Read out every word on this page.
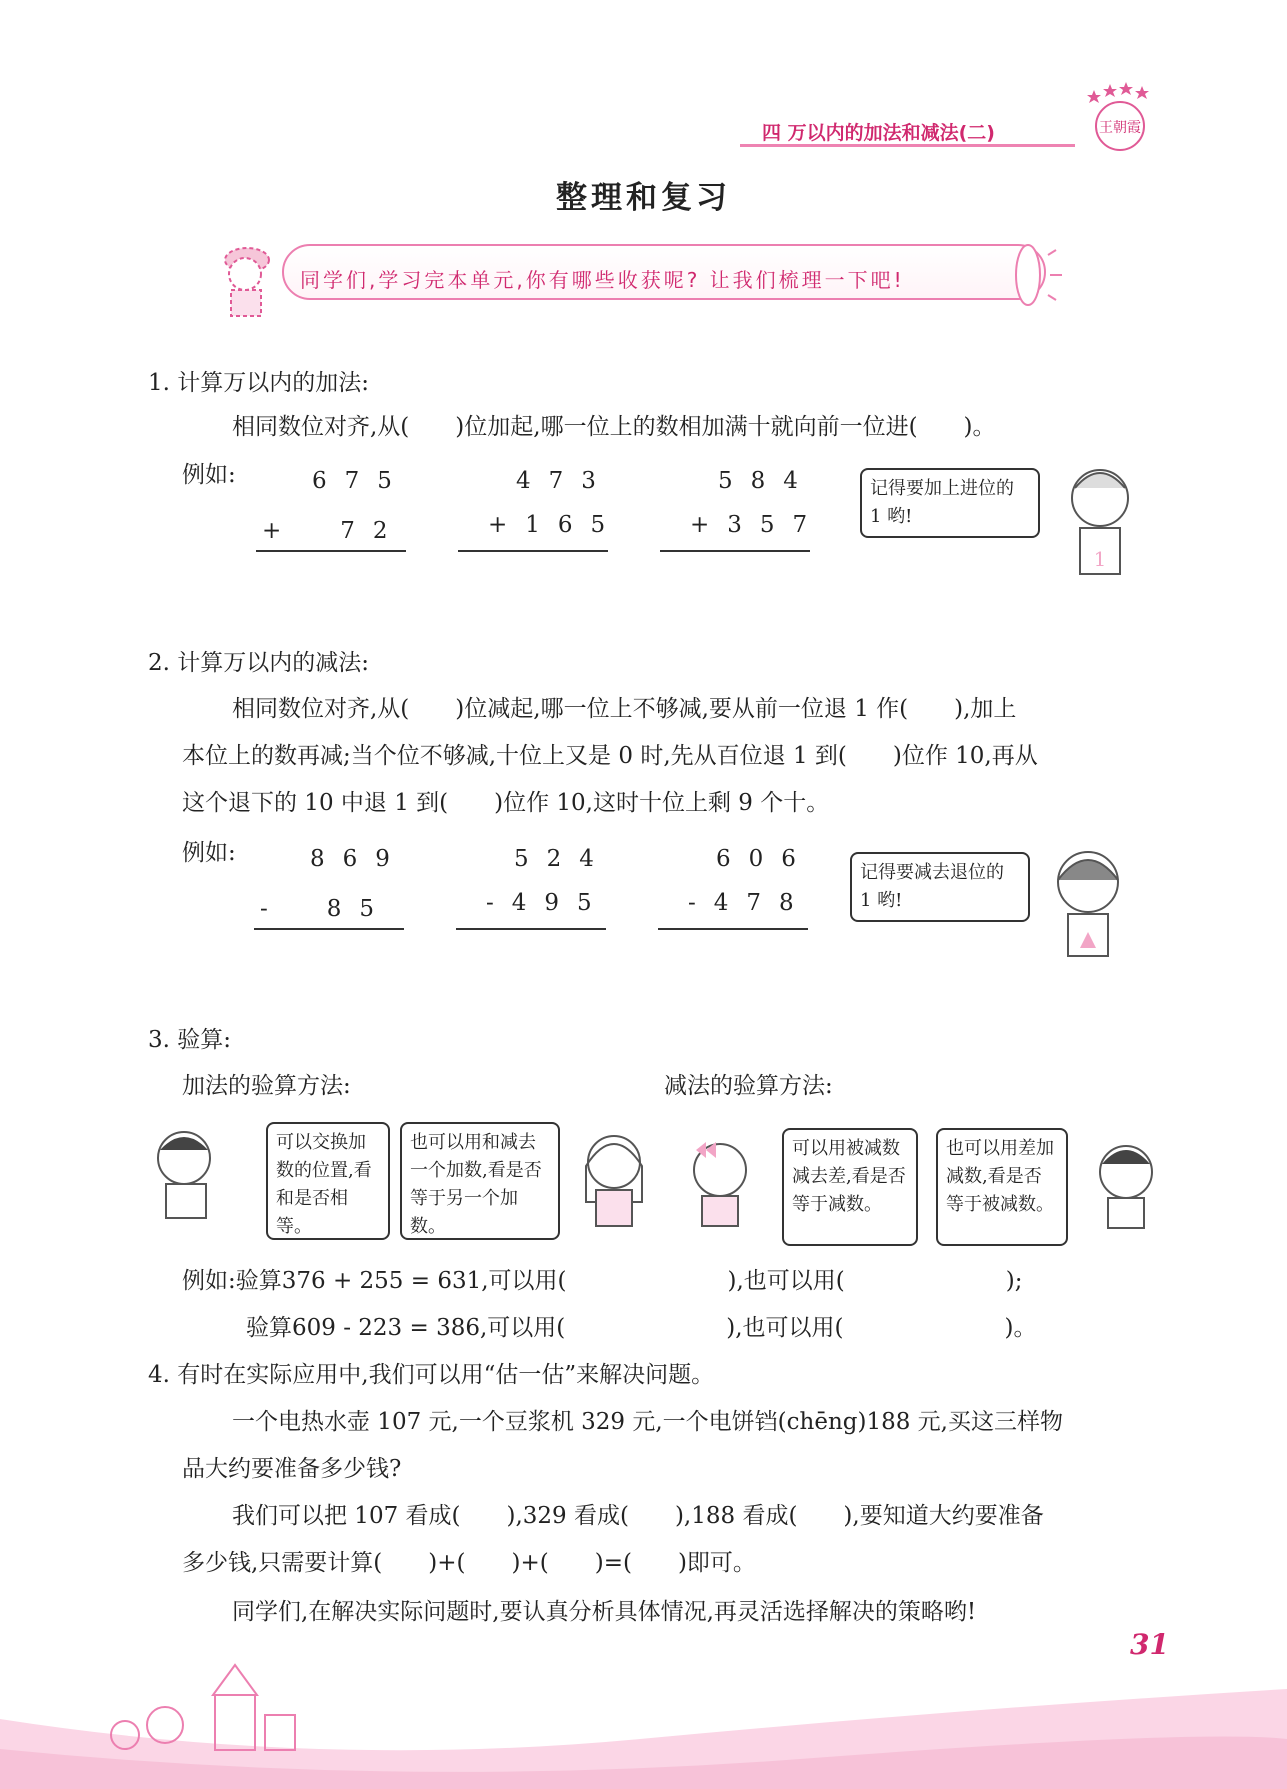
四 万以内的加法和减法(二)	王朝霞
整理和复习
同学们,学习完本单元,你有哪些收获呢? 让我们梳理一下吧!
1. 计算万以内的加法:
相同数位对齐,从(　　)位加起,哪一位上的数相加满十就向前一位进(　　)。
例如:	675
+　72
473
+165
584
+357
记得要加上进位的 1 哟!
1
2. 计算万以内的减法:
相同数位对齐,从(　　)位减起,哪一位上不够减,要从前一位退 1 作(　　),加上
本位上的数再减;当个位不够减,十位上又是 0 时,先从百位退 1 到(　　)位作 10,再从
这个退下的 10 中退 1 到(　　)位作 10,这时十位上剩 9 个十。
例如:	869
-　85
524
-495
606
-478
记得要减去退位的 1 哟!
3. 验算:
加法的验算方法:	减法的验算方法:
可以交换加数的位置,看和是否相等。
也可以用和减去一个加数,看是否等于另一个加数。
可以用被减数减去差,看是否等于减数。
也可以用差加减数,看是否等于被减数。
例如:验算376 + 255 = 631,可以用(　　　　　　　),也可以用(　　　　　　　);
验算609 - 223 = 386,可以用(　　　　　　　),也可以用(　　　　　　　)。
4. 有时在实际应用中,我们可以用“估一估”来解决问题。
一个电热水壶 107 元,一个豆浆机 329 元,一个电饼铛(chēng)188 元,买这三样物
品大约要准备多少钱?
我们可以把 107 看成(　　),329 看成(　　),188 看成(　　),要知道大约要准备
多少钱,只需要计算(　　)+(　　)+(　　)=(　　)即可。
同学们,在解决实际问题时,要认真分析具体情况,再灵活选择解决的策略哟!
31
